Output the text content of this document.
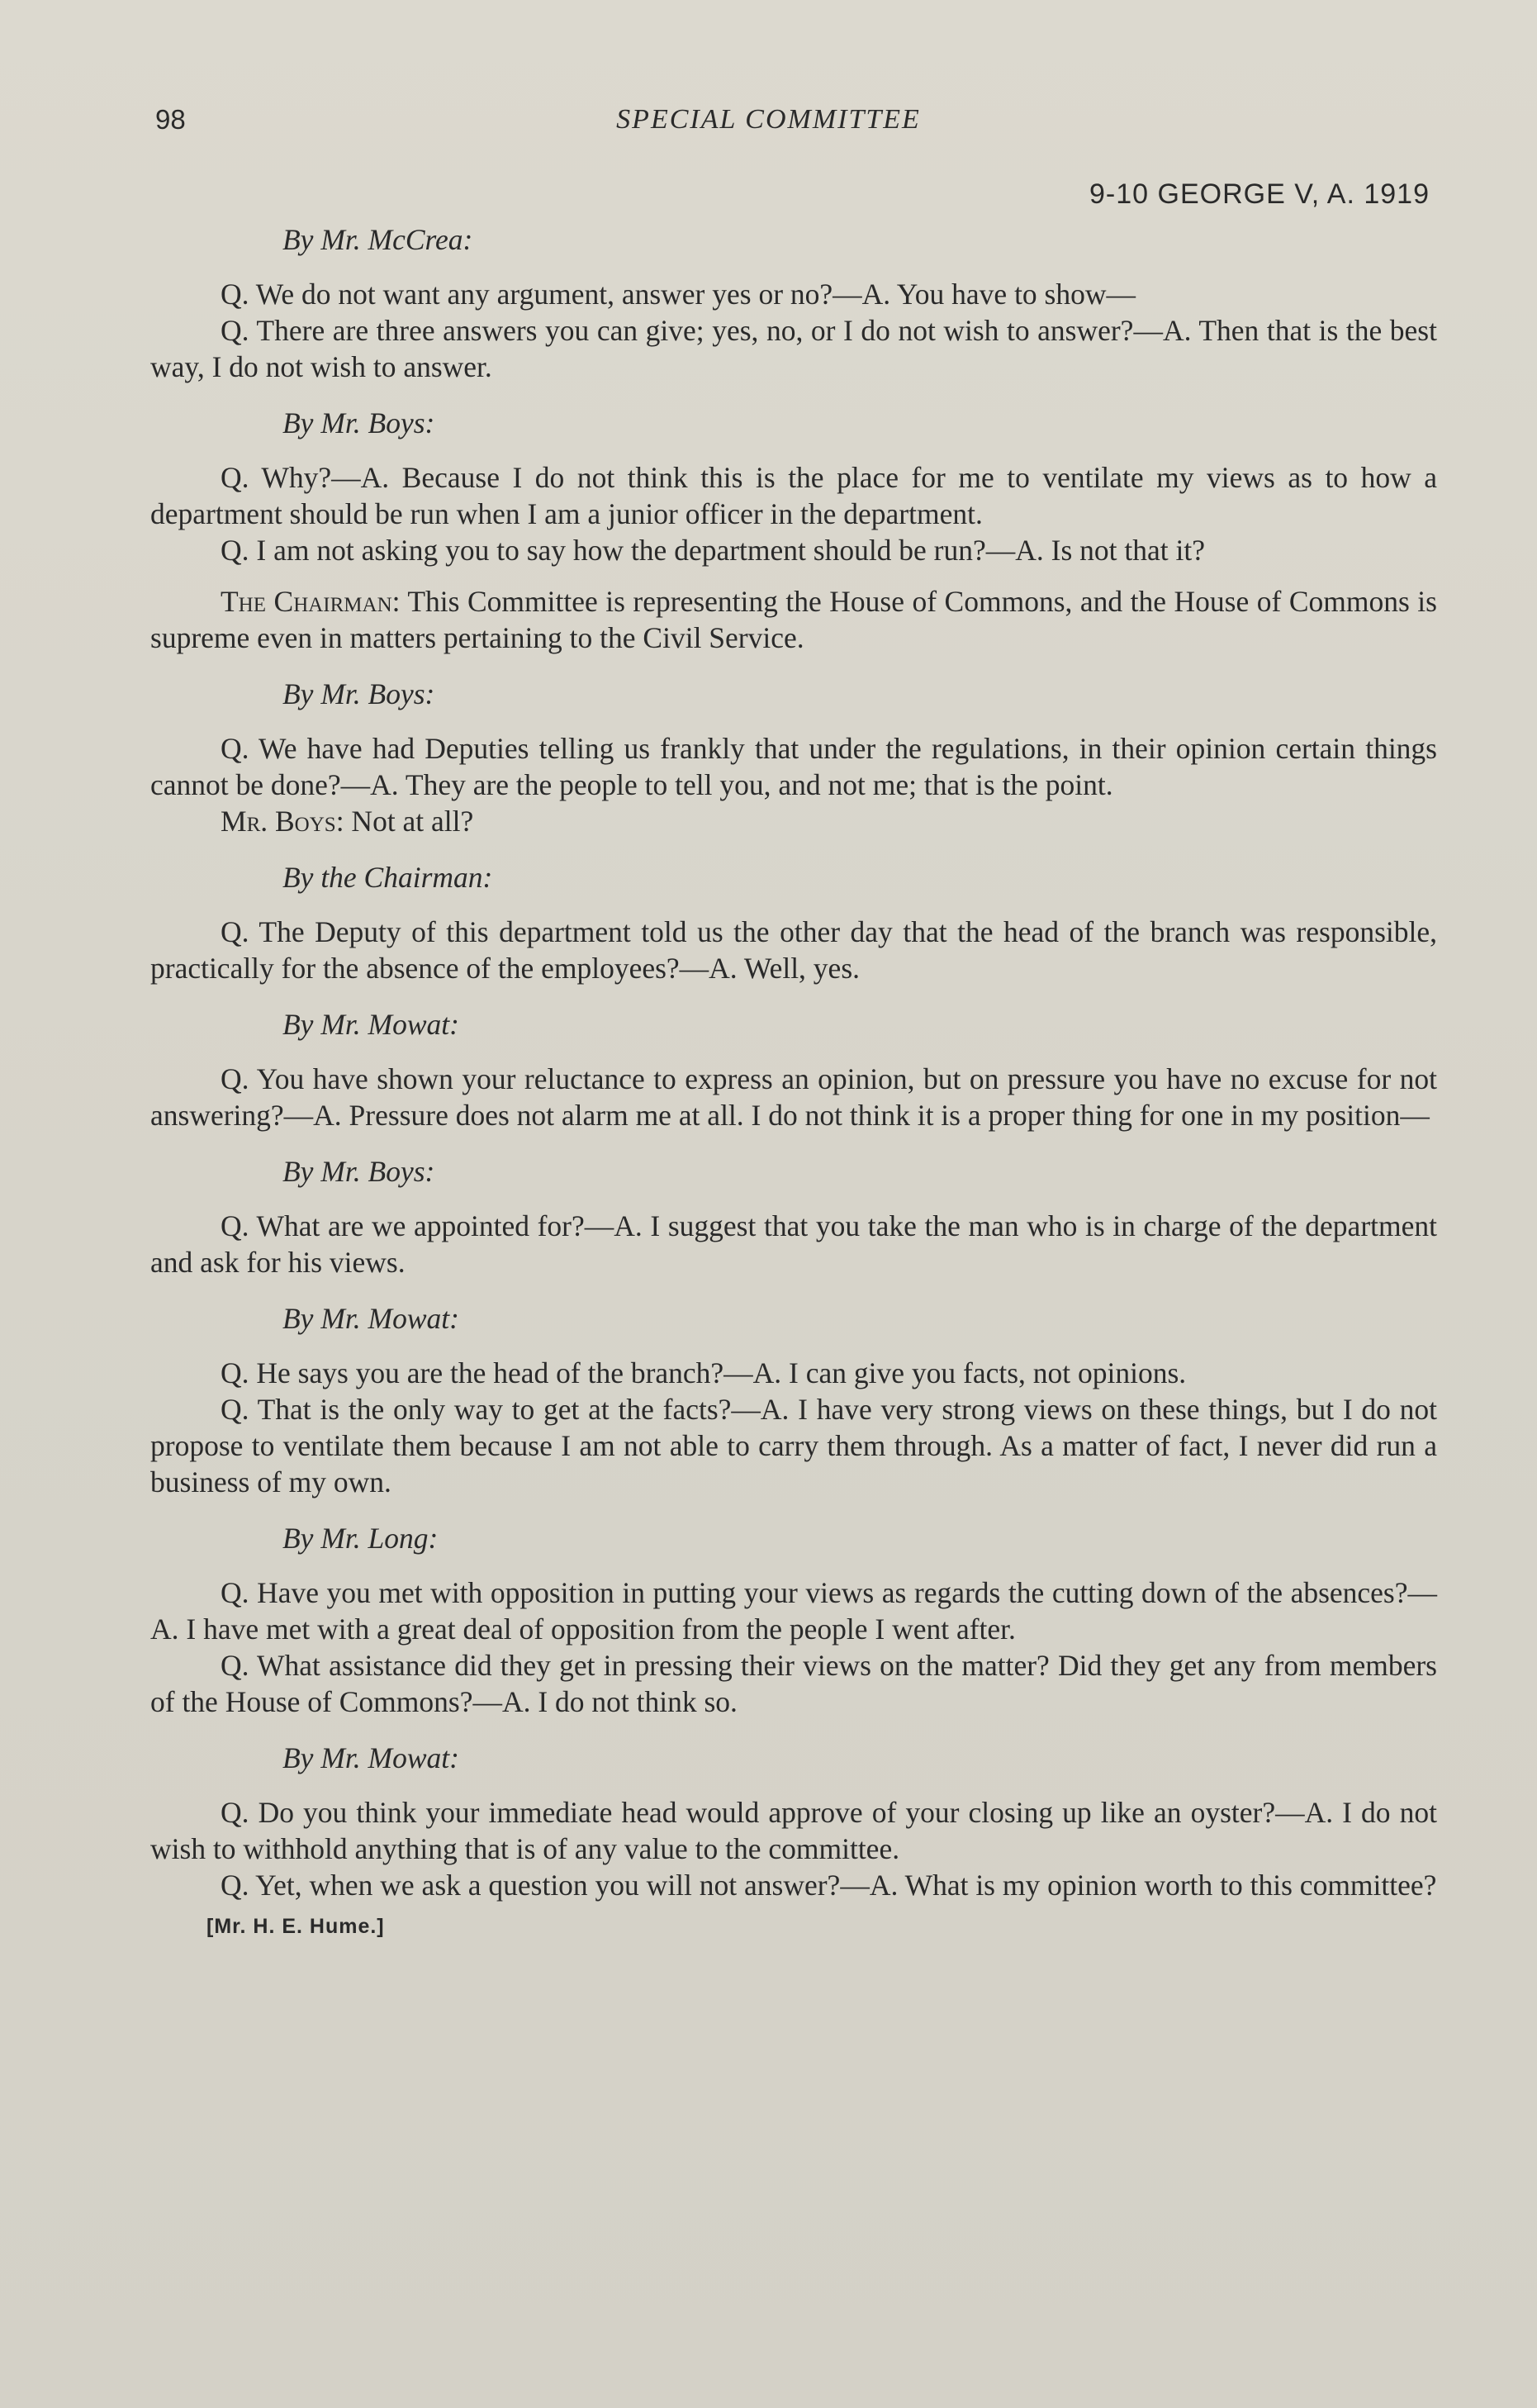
98	SPECIAL COMMITTEE
9-10 GEORGE V, A. 1919
By Mr. McCrea:

Q. We do not want any argument, answer yes or no?—A. You have to show—

Q. There are three answers you can give; yes, no, or I do not wish to answer?—A. Then that is the best way, I do not wish to answer.

By Mr. Boys:

Q. Why?—A. Because I do not think this is the place for me to ventilate my views as to how a department should be run when I am a junior officer in the department.

Q. I am not asking you to say how the department should be run?—A. Is not that it?

The Chairman: This Committee is representing the House of Commons, and the House of Commons is supreme even in matters pertaining to the Civil Service.

By Mr. Boys:

Q. We have had Deputies telling us frankly that under the regulations, in their opinion certain things cannot be done?—A. They are the people to tell you, and not me; that is the point.

Mr. Boys: Not at all?

By the Chairman:

Q. The Deputy of this department told us the other day that the head of the branch was responsible, practically for the absence of the employees?—A. Well, yes.

By Mr. Mowat:

Q. You have shown your reluctance to express an opinion, but on pressure you have no excuse for not answering?—A. Pressure does not alarm me at all. I do not think it is a proper thing for one in my position—

By Mr. Boys:

Q. What are we appointed for?—A. I suggest that you take the man who is in charge of the department and ask for his views.

By Mr. Mowat:

Q. He says you are the head of the branch?—A. I can give you facts, not opinions.

Q. That is the only way to get at the facts?—A. I have very strong views on these things, but I do not propose to ventilate them because I am not able to carry them through. As a matter of fact, I never did run a business of my own.

By Mr. Long:

Q. Have you met with opposition in putting your views as regards the cutting down of the absences?—A. I have met with a great deal of opposition from the people I went after.

Q. What assistance did they get in pressing their views on the matter? Did they get any from members of the House of Commons?—A. I do not think so.

By Mr. Mowat:

Q. Do you think your immediate head would approve of your closing up like an oyster?—A. I do not wish to withhold anything that is of any value to the committee.

Q. Yet, when we ask a question you will not answer?—A. What is my opinion worth to this committee?

[Mr. H. E. Hume.]
